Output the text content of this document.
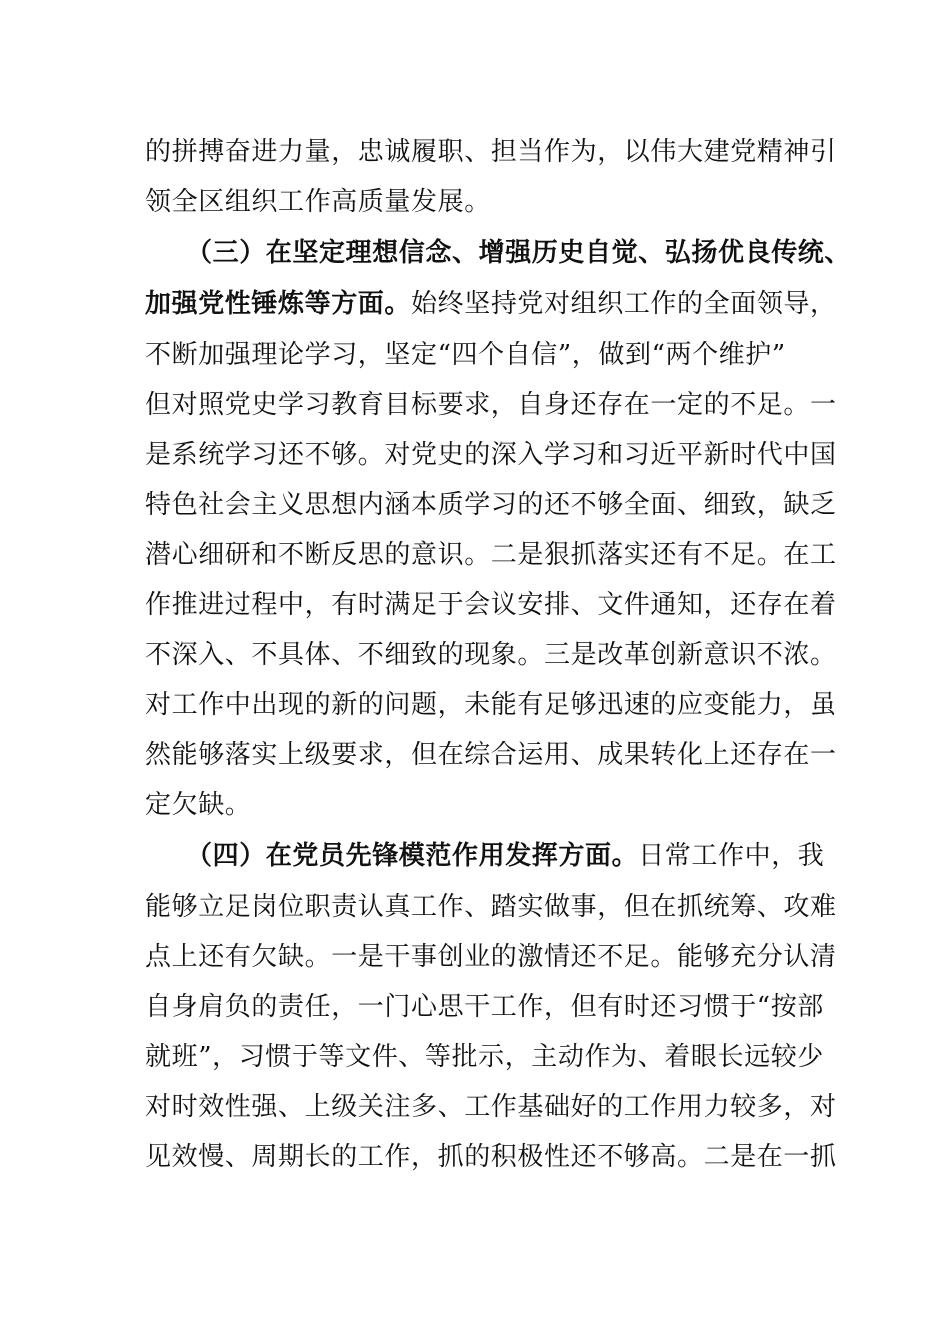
的拼搏奋进力量，忠诚履职、担当作为，以伟大建党精神引
领全区组织工作高质量发展。
（三）在坚定理想信念、增强历史自觉、弘扬优良传统、
加强党性锤炼等方面。始终坚持党对组织工作的全面领导，
不断加强理论学习，坚定“四个自信”，做到“两个维护”
但对照党史学习教育目标要求，自身还存在一定的不足。一
是系统学习还不够。对党史的深入学习和习近平新时代中国
特色社会主义思想内涵本质学习的还不够全面、细致，缺乏
潜心细研和不断反思的意识。二是狠抓落实还有不足。在工
作推进过程中，有时满足于会议安排、文件通知，还存在着
不深入、不具体、不细致的现象。三是改革创新意识不浓。
对工作中出现的新的问题，未能有足够迅速的应变能力，虽
然能够落实上级要求，但在综合运用、成果转化上还存在一
定欠缺。
（四）在党员先锋模范作用发挥方面。日常工作中，我
能够立足岗位职责认真工作、踏实做事，但在抓统筹、攻难
点上还有欠缺。一是干事创业的激情还不足。能够充分认清
自身肩负的责任，一门心思干工作，但有时还习惯于“按部
就班”，习惯于等文件、等批示，主动作为、着眼长远较少
对时效性强、上级关注多、工作基础好的工作用力较多，对
见效慢、周期长的工作，抓的积极性还不够高。二是在一抓
